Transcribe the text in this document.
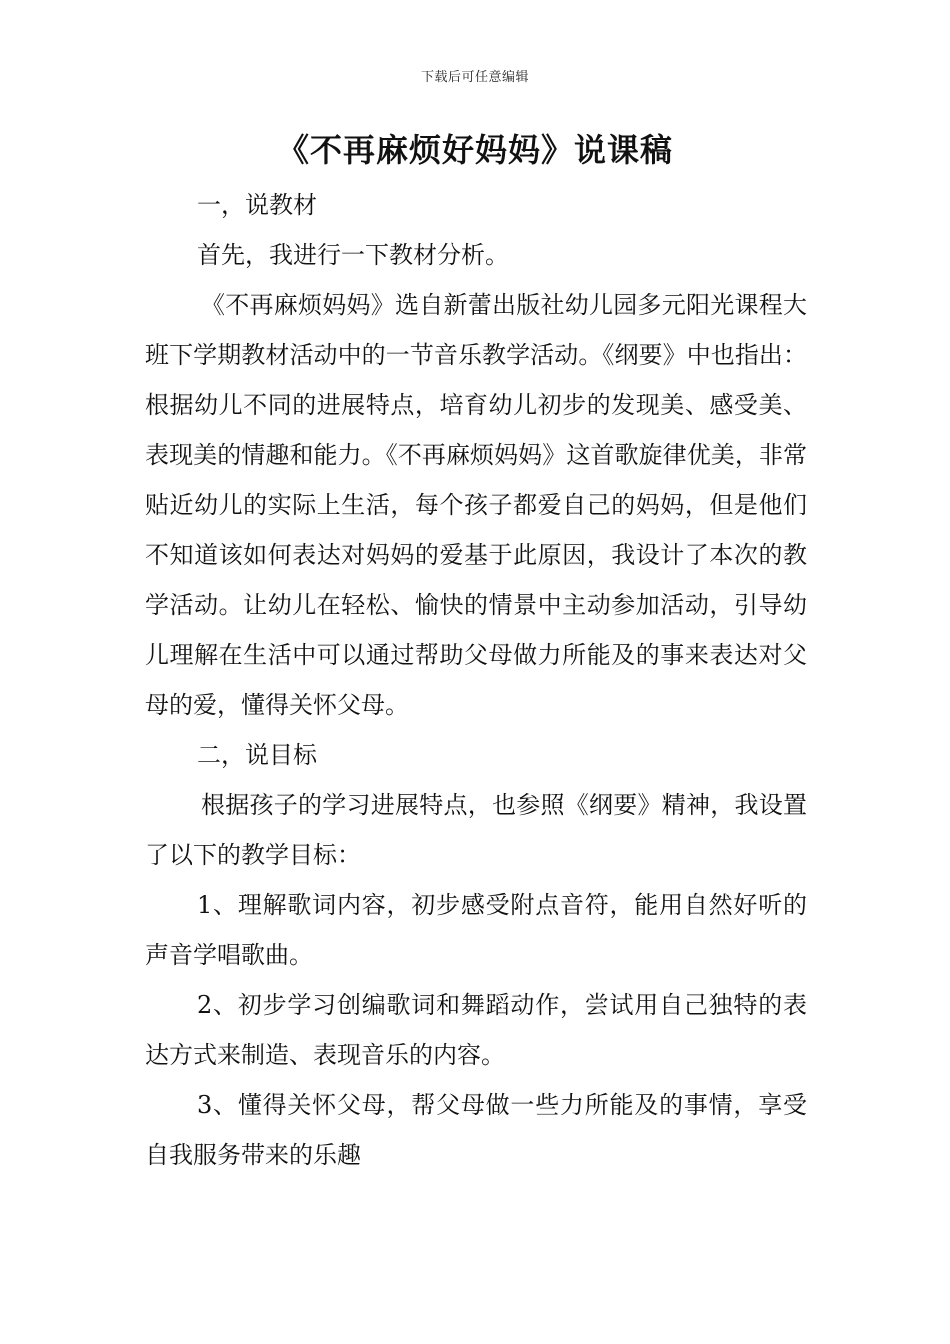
下载后可任意编辑
《不再麻烦好妈妈》说课稿

一，说教材

首先，我进行一下教材分析。

《不再麻烦妈妈》选自新蕾出版社幼儿园多元阳光课程大班下学期教材活动中的一节音乐教学活动。《纲要》中也指出：根据幼儿不同的进展特点，培育幼儿初步的发现美、感受美、表现美的情趣和能力。《不再麻烦妈妈》这首歌旋律优美，非常贴近幼儿的实际上生活，每个孩子都爱自己的妈妈，但是他们不知道该如何表达对妈妈的爱基于此原因，我设计了本次的教学活动。让幼儿在轻松、愉快的情景中主动参加活动，引导幼儿理解在生活中可以通过帮助父母做力所能及的事来表达对父母的爱，懂得关怀父母。

二，说目标

根据孩子的学习进展特点，也参照《纲要》精神，我设置了以下的教学目标：

1、理解歌词内容，初步感受附点音符，能用自然好听的声音学唱歌曲。

2、初步学习创编歌词和舞蹈动作，尝试用自己独特的表达方式来制造、表现音乐的内容。

3、懂得关怀父母，帮父母做一些力所能及的事情，享受自我服务带来的乐趣
